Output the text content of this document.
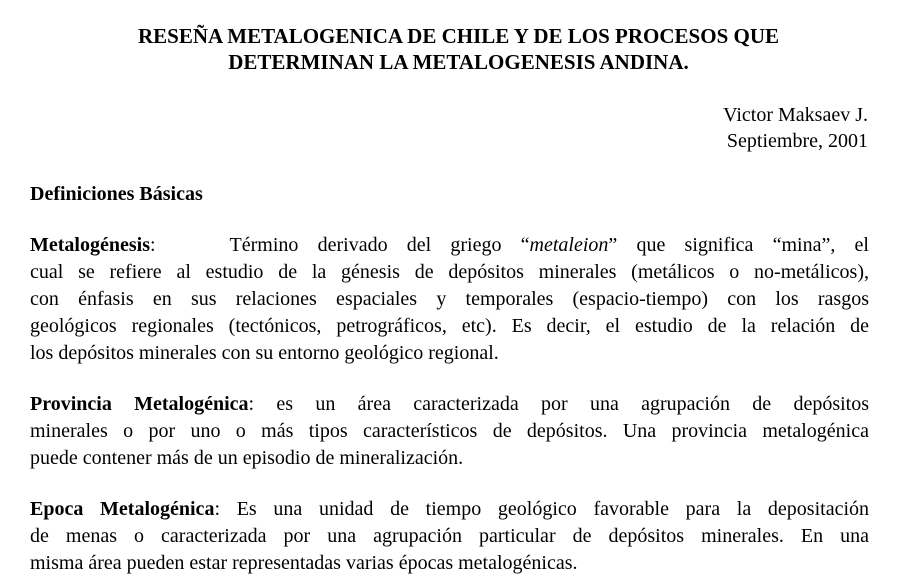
RESEÑA METALOGENICA DE CHILE Y DE LOS PROCESOS QUE
DETERMINAN LA METALOGENESIS ANDINA.
Victor Maksaev J.
Septiembre, 2001
Definiciones Básicas
Metalogénesis:	Término derivado del griego “metaleion” que significa “mina”, el
cual se refiere al estudio de la génesis de depósitos minerales (metálicos o no-metálicos),
con énfasis en sus relaciones espaciales y temporales (espacio-tiempo) con los rasgos
geológicos regionales (tectónicos, petrográficos, etc). Es decir, el estudio de la relación de
los depósitos minerales con su entorno geológico regional.
Provincia Metalogénica: es un área caracterizada por una agrupación de depósitos
minerales o por uno o más tipos característicos de depósitos. Una provincia metalogénica
puede contener más de un episodio de mineralización.
Epoca Metalogénica: Es una unidad de tiempo geológico favorable para la depositación
de menas o caracterizada por una agrupación particular de depósitos minerales. En una
misma área pueden estar representadas varias épocas metalogénicas.
